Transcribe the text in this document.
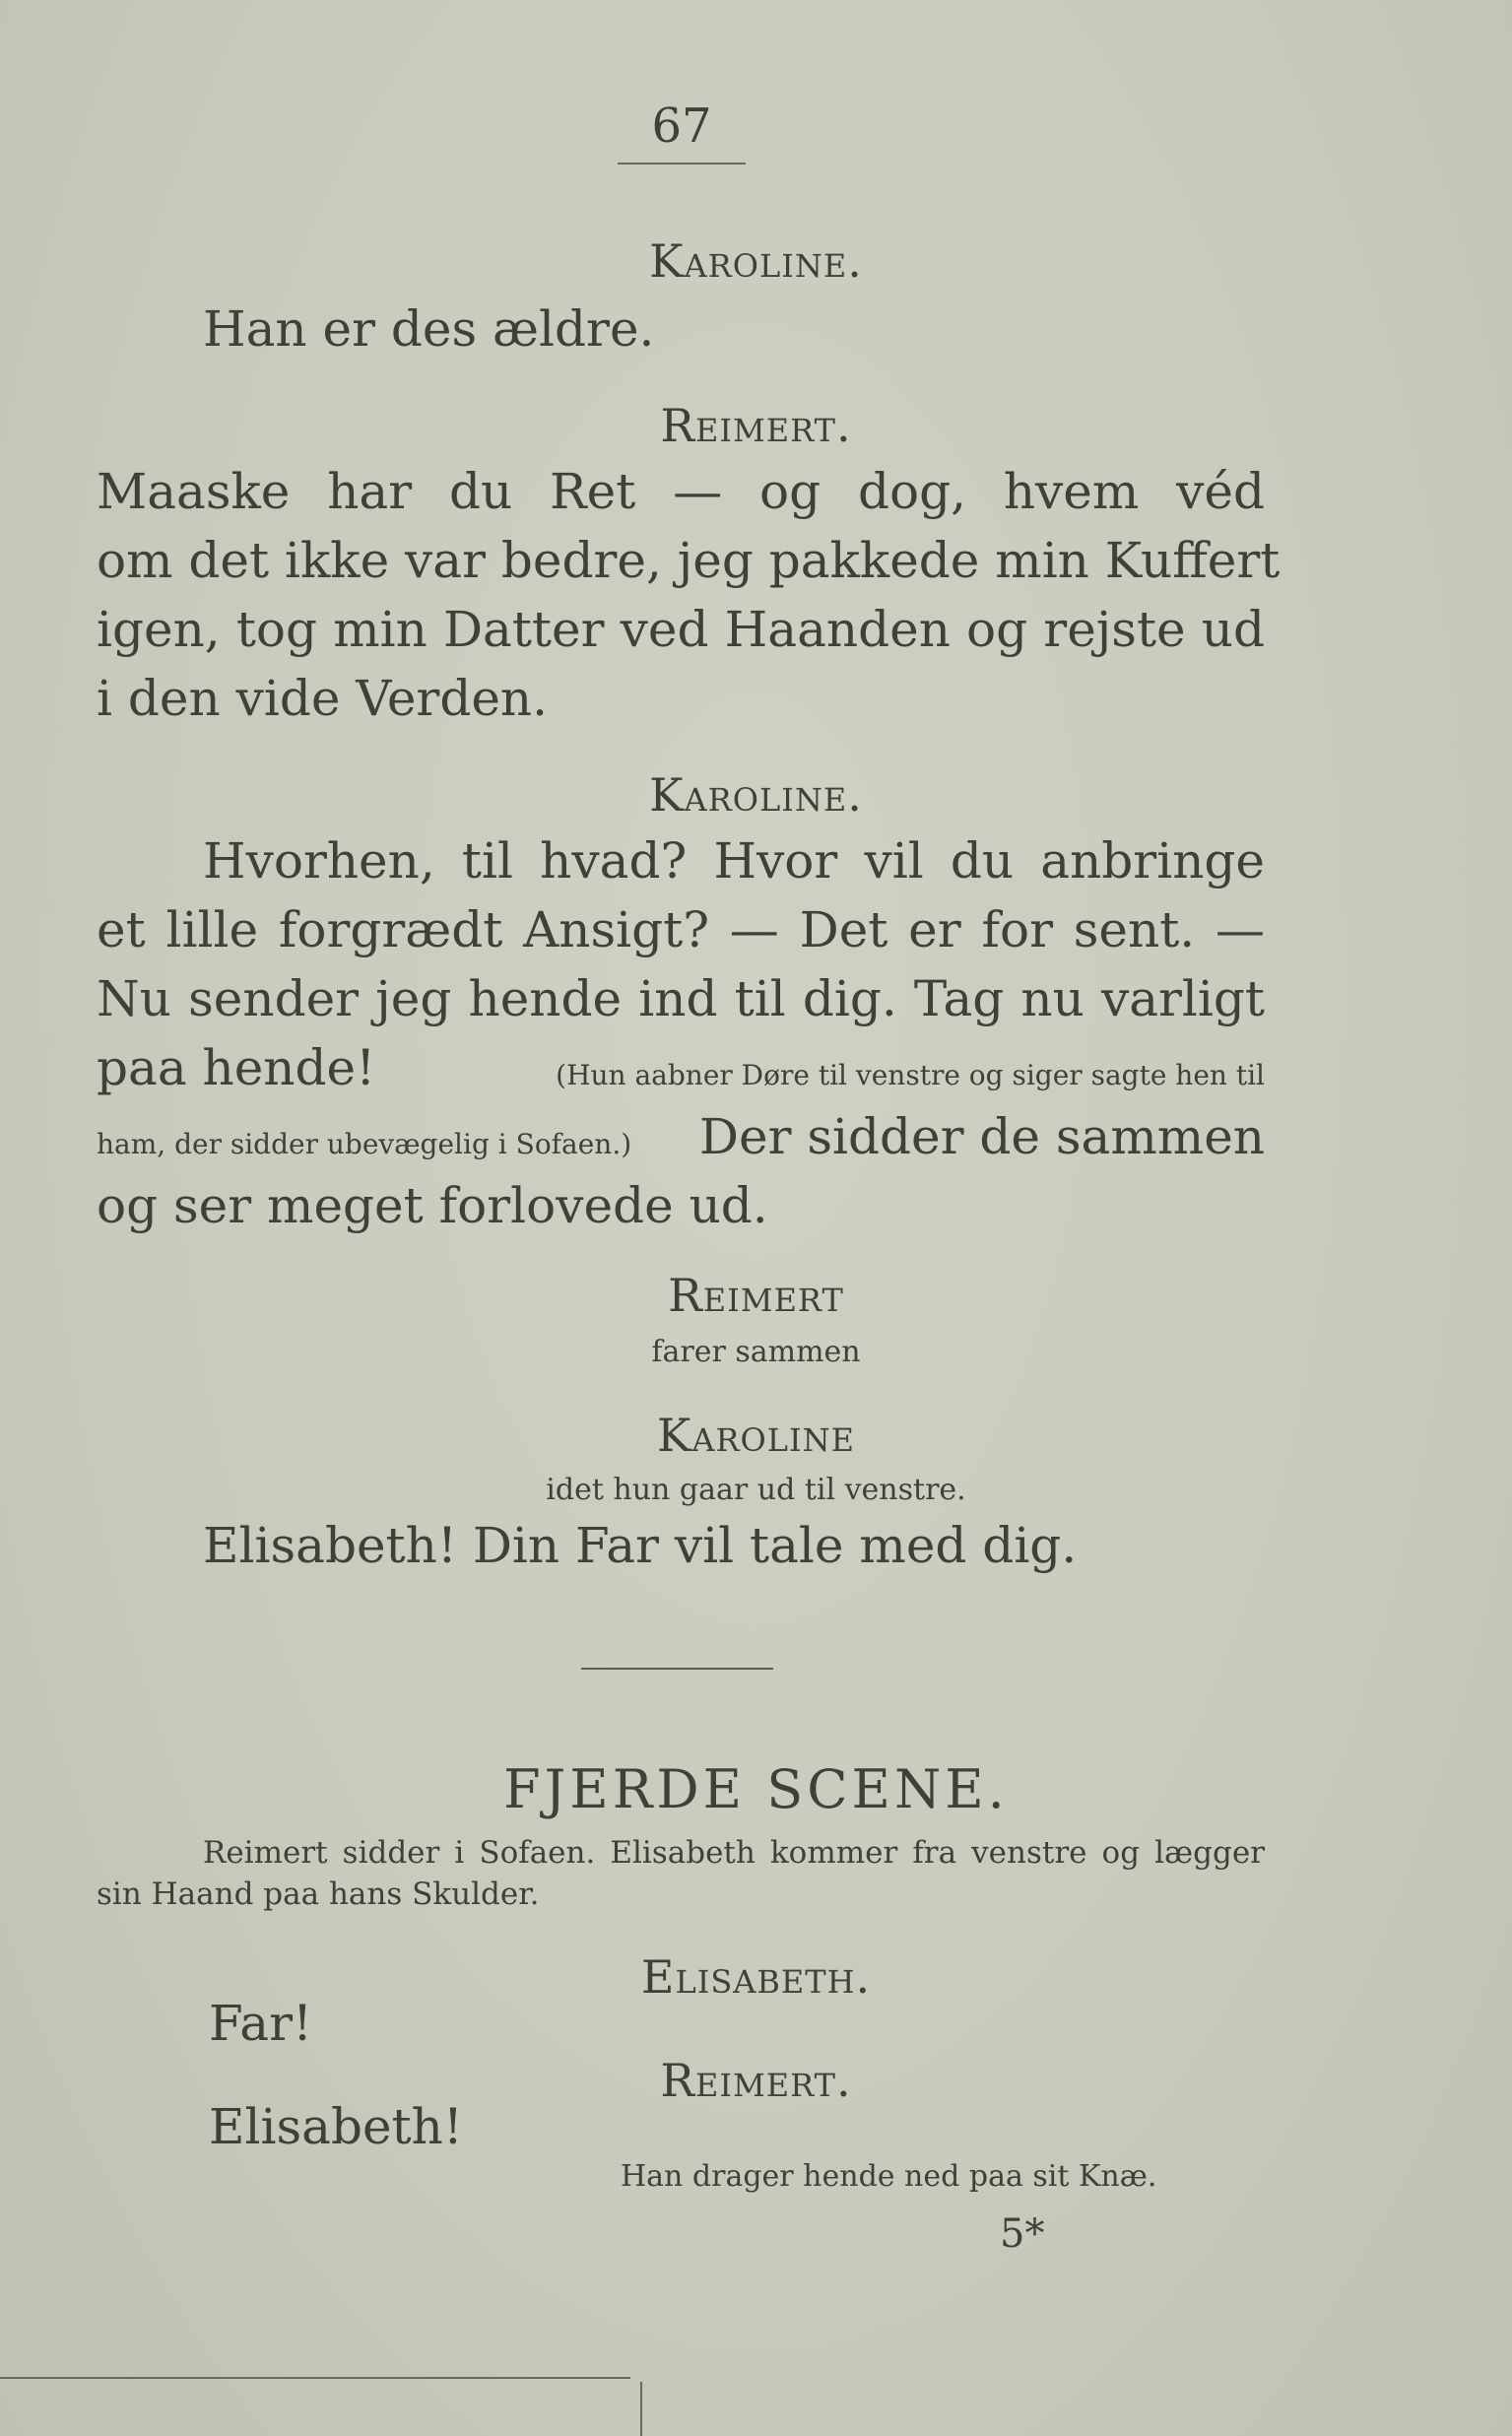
67
Karoline.
Han er des ældre.
Reimert.
Maaske har du Ret — og dog, hvem véd
om det ikke var bedre, jeg pakkede min Kuffert
igen, tog min Datter ved Haanden og rejste ud
i den vide Verden.
Karoline.
Hvorhen, til hvad? Hvor vil du anbringe
et lille forgrædt Ansigt? — Det er for sent. —
Nu sender jeg hende ind til dig. Tag nu varligt
paa hende!	(Hun aabner Døre til venstre og siger sagte hen til
ham, der sidder ubevægelig i Sofaen.) Der sidder de sammen
og ser meget forlovede ud.
Reimert
farer sammen
Karoline
idet hun gaar ud til venstre.
Elisabeth! Din Far vil tale med dig.
FJERDE SCENE.
Reimert sidder i Sofaen. Elisabeth kommer fra venstre og lægger
sin Haand paa hans Skulder.
Elisabeth.
Far!
Reimert.
Elisabeth!
Han drager hende ned paa sit Knæ.
5*
